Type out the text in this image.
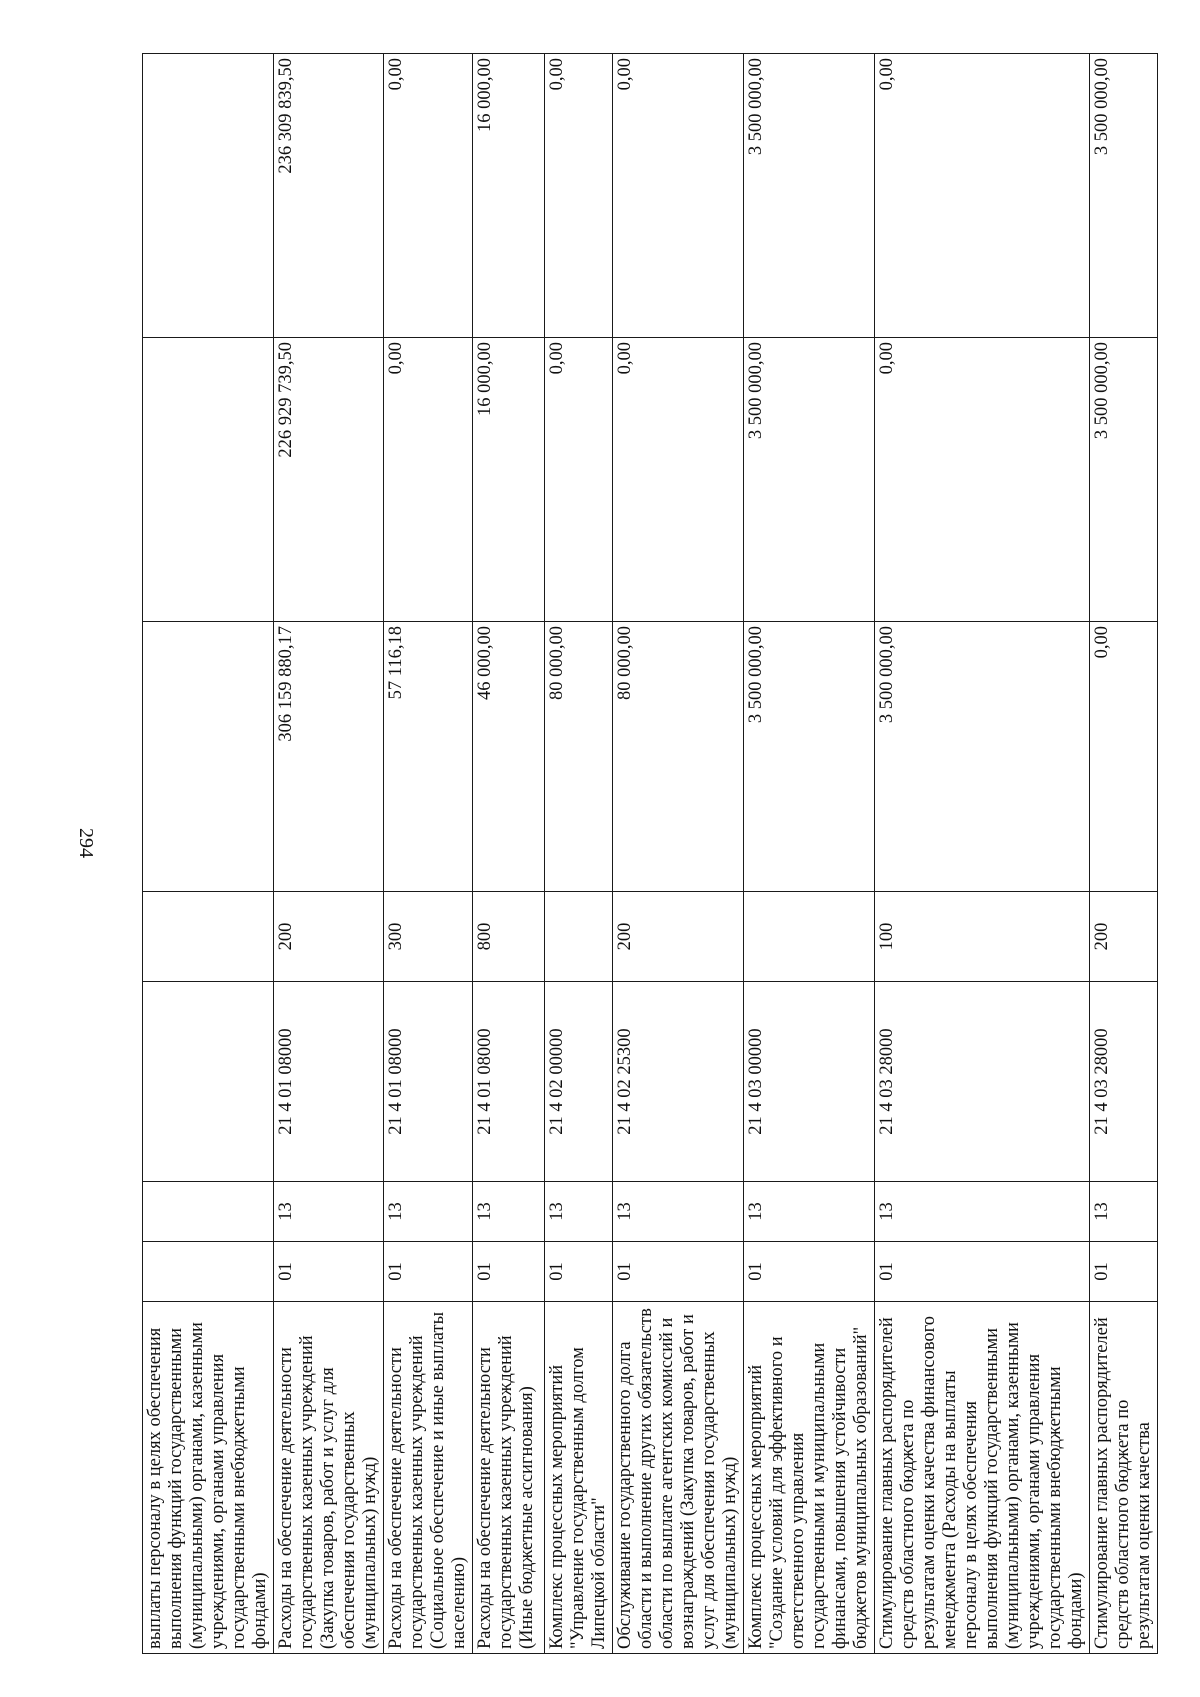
294
выплаты персоналу в целях обеспечения выполнения функций государственными (муниципальными) органами, казенными учреждениями, органами управления государственными внебюджетными фондами)							
Расходы на обеспечение деятельности государственных казенных учреждений (Закупка товаров, работ и услуг для обеспечения государственных (муниципальных) нужд)	01	13	21 4 01 08000	200	306 159 880,17	226 929 739,50	236 309 839,50
Расходы на обеспечение деятельности государственных казенных учреждений (Социальное обеспечение и иные выплаты населению)	01	13	21 4 01 08000	300	57 116,18	0,00	0,00
Расходы на обеспечение деятельности государственных казенных учреждений (Иные бюджетные ассигнования)	01	13	21 4 01 08000	800	46 000,00	16 000,00	16 000,00
Комплекс процессных мероприятий "Управление государственным долгом Липецкой области"	01	13	21 4 02 00000		80 000,00	0,00	0,00
Обслуживание государственного долга области и выполнение других обязательств области по выплате агентских комиссий и вознаграждений (Закупка товаров, работ и услуг для обеспечения государственных (муниципальных) нужд)	01	13	21 4 02 25300	200	80 000,00	0,00	0,00
Комплекс процессных мероприятий "Создание условий для эффективного и ответственного управления государственными и муниципальными финансами, повышения устойчивости бюджетов муниципальных образований"	01	13	21 4 03 00000		3 500 000,00	3 500 000,00	3 500 000,00
Стимулирование главных распорядителей средств областного бюджета по результатам оценки качества финансового менеджмента (Расходы на выплаты персоналу в целях обеспечения выполнения функций государственными (муниципальными) органами, казенными учреждениями, органами управления государственными внебюджетными фондами)	01	13	21 4 03 28000	100	3 500 000,00	0,00	0,00
Стимулирование главных распорядителей средств областного бюджета по результатам оценки качества	01	13	21 4 03 28000	200	0,00	3 500 000,00	3 500 000,00
